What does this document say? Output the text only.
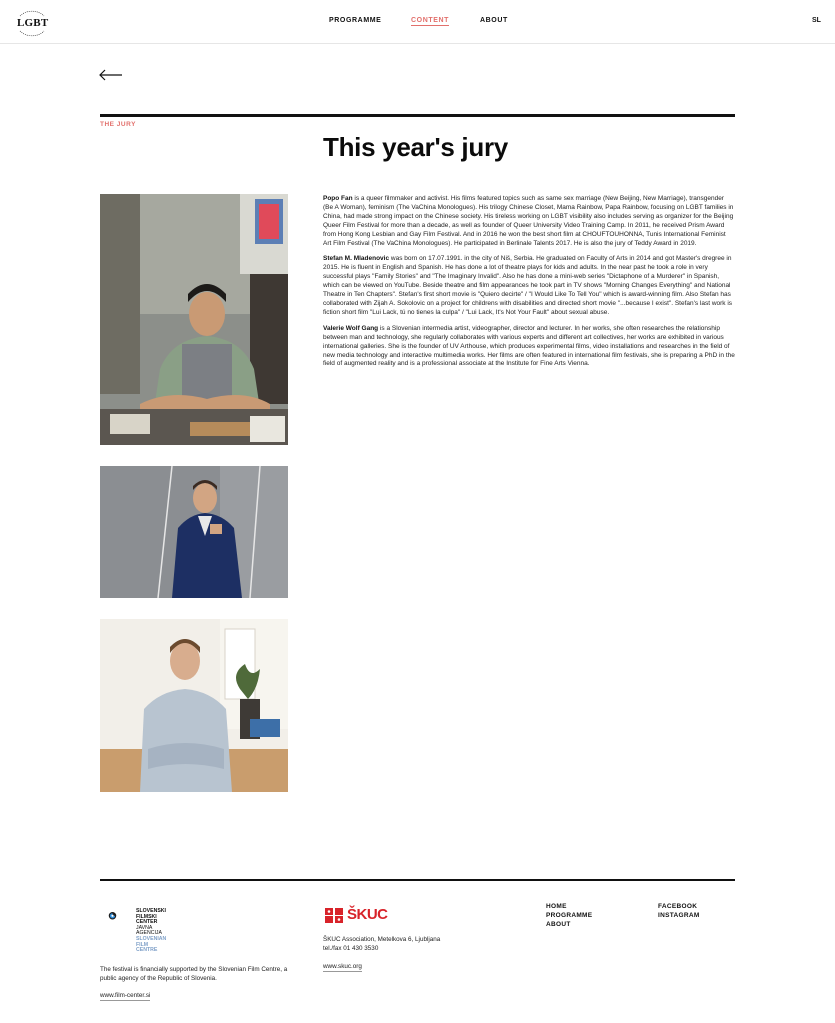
LGBT	PROGRAMME	CONTENT	ABOUT	SL
THE JURY
This year's jury

Popo Fan is a queer filmmaker and activist. His films featured topics such as same sex marriage (New Beijing, New Marriage), transgender (Be A Woman), feminism (The VaChina Monologues). His trilogy Chinese Closet, Mama Rainbow, Papa Rainbow, focusing on LGBT families in China, had made strong impact on the Chinese society. His tireless working on LGBT visibility also includes serving as organizer for the Beijing Queer Film Festival for more than a decade, as well as founder of Queer University Video Training Camp. In 2011, he received Prism Award from Hong Kong Lesbian and Gay Film Festival. And in 2016 he won the best short film at CHOUFTOUHONNA, Tunis International Feminist Art Film Festival (The VaChina Monologues). He participated in Berlinale Talents 2017. He is also the jury of Teddy Award in 2019.

Stefan M. Mladenovic was born on 17.07.1991. in the city of Niš, Serbia. He graduated on Faculty of Arts in 2014 and got Master's dregree in 2015. He is fluent in English and Spanish. He has done a lot of theatre plays for kids and adults. In the near past he took a role in very successful plays "Family Stories" and "The Imaginary Invalid". Also he has done a mini-web series "Dictaphone of a Murderer" in Spanish, which can be viewed on YouTube. Beside theatre and film appearances he took part in TV shows "Morning Changes Everything" and National Theatre in Ten Chapters". Stefan's first short movie is "Quiero decirte" / "I Would Like To Tell You" which is award-winning film. Also Stefan has collaborated with Zijah A. Sokolovic on a project for childrens with disabilities and directed short movie "...because I exist". Stefan's last work is fiction short film "Lui Lack, tú no tienes la culpa" / "Lui Lack, It's Not Your Fault" about sexual abuse.

Valerie Wolf Gang is a Slovenian intermedia artist, videographer, director and lecturer. In her works, she often researches the relationship between man and technology, she regularly collaborates with various experts and different art collectives, her works are exhibited in various international galleries. She is the founder of UV Arthouse, which produces experimental films, video installations and researches in the field of new media technology and interactive multimedia works. Her films are often featured in international film festivals, she is preparing a PhD in the field of augmented reality and is a professional associate at the Institute for Fine Arts Vienna.

SLOVENSKI
FILMSKI
CENTER
JAVNA
AGENCIJA
SLOVENIAN
FILM
CENTRE
The festival is financially supported by the Slovenian Film Centre, a public agency of the Republic of Slovenia.
www.film-center.si
ŠKUC
ŠKUC Association, Metelkova 6, Ljubljana
tel./fax 01 430 3530
www.skuc.org
HOME
PROGRAMME
ABOUT
FACEBOOK
INSTAGRAM
